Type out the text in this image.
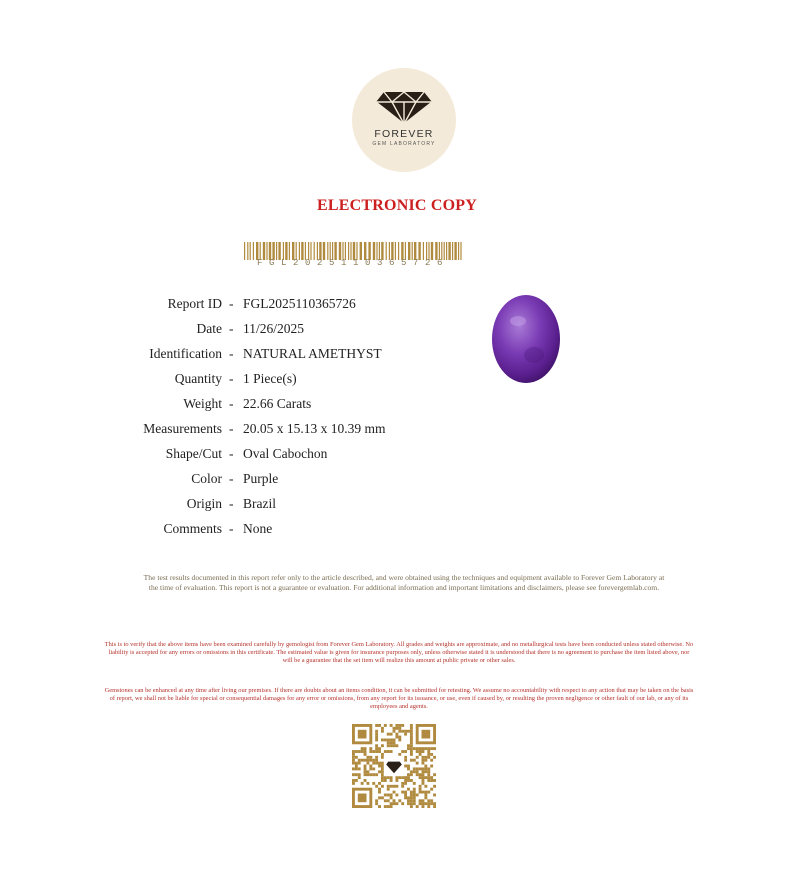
FOREVER
GEM LABORATORY
ELECTRONIC COPY
FGL2025110365726
Report ID - FGL2025110365726
Date - 11/26/2025
Identification - NATURAL AMETHYST
Quantity - 1 Piece(s)
Weight - 22.66 Carats
Measurements - 20.05 x 15.13 x 10.39 mm
Shape/Cut - Oval Cabochon
Color - Purple
Origin - Brazil
Comments - None
The test results documented in this report refer only to the article described, and were obtained using the techniques and equipment available to Forever Gem Laboratory at the time of evaluation. This report is not a guarantee or evaluation. For additional information and important limitations and disclaimers, please see forevergemlab.com.
This is to verify that the above items have been examined carefully by gemologist from Forever Gem Laboratory. All grades and weights are approximate, and no metallurgical tests have been conducted unless stated otherwise. No liability is accepted for any errors or omissions in this certificate. The estimated value is given for insurance purposes only, unless otherwise stated it is understood that there is no agreement to purchase the item listed above, nor will be a guarantee that the set item will realize this amount at public private or other sales.
Gemstones can be enhanced at any time after living our premises. If there are doubts about an items condition, it can be submitted for retesting. We assume no accountability with respect to any action that may be taken on the basis of report, we shall not be liable for special or consequential damages for any error or omissions, from any report for its issuance, or use, even if caused by, or resulting the proven negligence or other fault of our lab, or any of its employees and agents.
